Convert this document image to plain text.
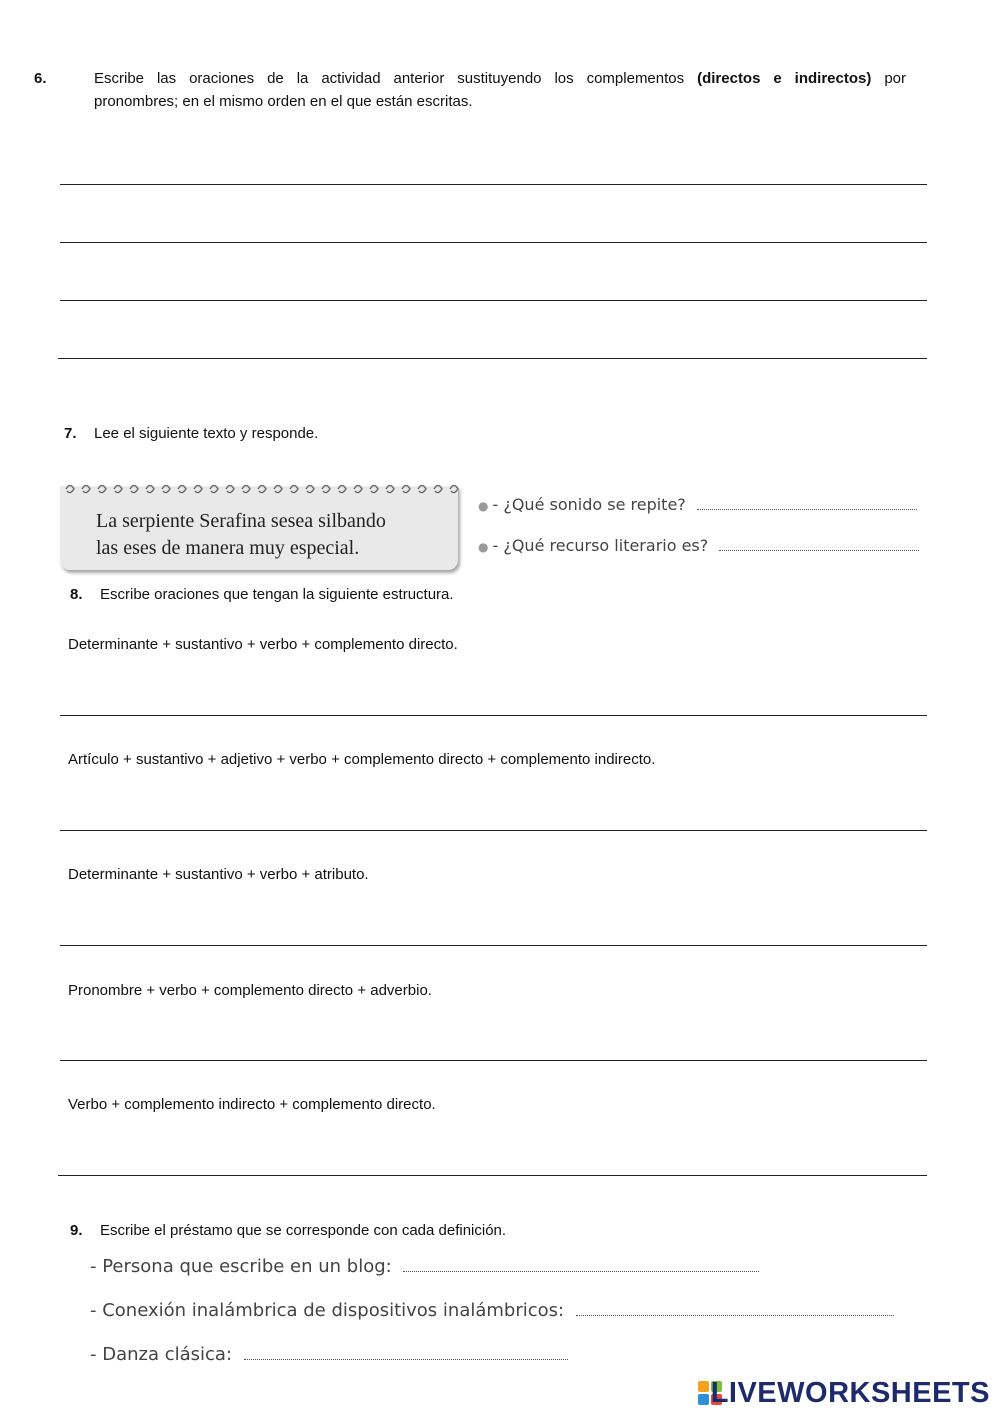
6.	Escribe las oraciones de la actividad anterior sustituyendo los complementos (directos e indirectos) por
pronombres; en el mismo orden en el que están escritas.
7. Lee el siguiente texto y responde.
La serpiente Serafina sesea silbando
las eses de manera muy especial.
● - ¿Qué sonido se repite?
● - ¿Qué recurso literario es?
8. Escribe oraciones que tengan la siguiente estructura.
Determinante + sustantivo + verbo + complemento directo.
Artículo + sustantivo + adjetivo + verbo + complemento directo + complemento indirecto.
Determinante + sustantivo + verbo + atributo.
Pronombre + verbo + complemento directo + adverbio.
Verbo + complemento indirecto + complemento directo.
9. Escribe el préstamo que se corresponde con cada definición.
- Persona que escribe en un blog:
- Conexión inalámbrica de dispositivos inalámbricos:
- Danza clásica:
LIVEWORKSHEETS
